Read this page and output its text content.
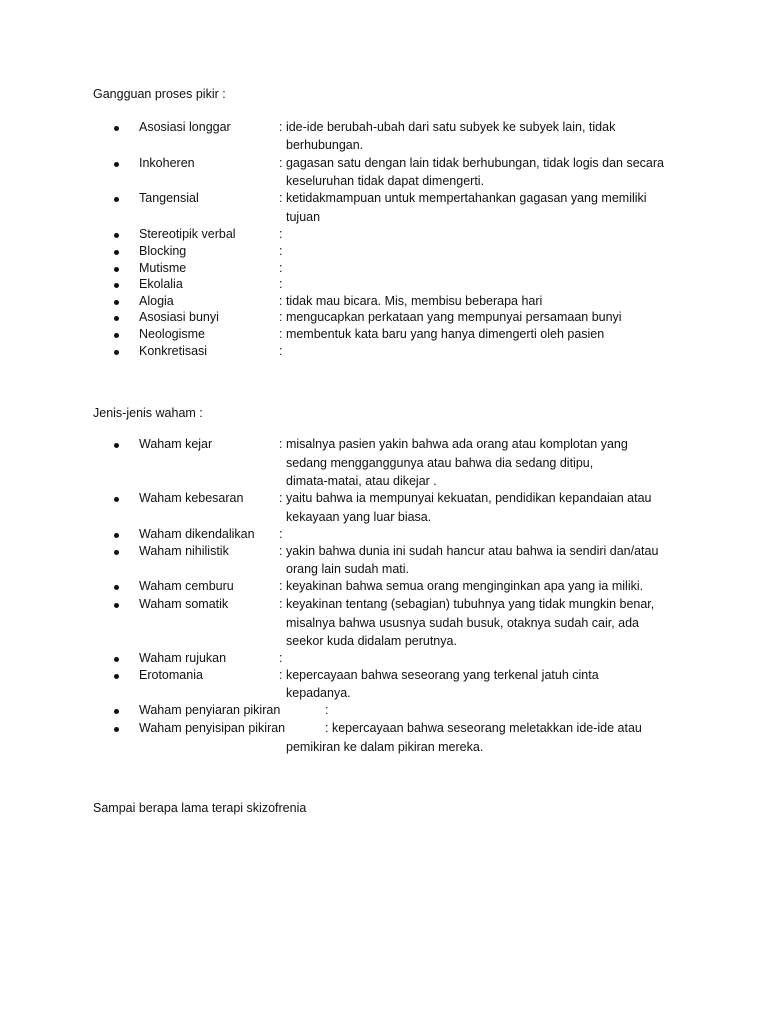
Gangguan proses pikir :
Asosiasi longgar	: ide-ide berubah-ubah dari satu subyek ke subyek lain, tidak
berhubungan.
Inkoheren	: gagasan satu dengan lain tidak berhubungan, tidak logis dan secara
keseluruhan tidak dapat dimengerti.
Tangensial	: ketidakmampuan untuk mempertahankan gagasan yang memiliki
tujuan
Stereotipik verbal	:
Blocking	:
Mutisme	:
Ekolalia	:
Alogia	: tidak mau bicara. Mis, membisu beberapa hari
Asosiasi bunyi	: mengucapkan perkataan yang mempunyai persamaan bunyi
Neologisme	: membentuk kata baru yang hanya dimengerti oleh pasien
Konkretisasi	:
Jenis-jenis waham :
Waham kejar	: misalnya pasien yakin bahwa ada orang atau komplotan yang
sedang mengganggunya atau bahwa dia sedang ditipu,
dimata-matai, atau dikejar .
Waham kebesaran	: yaitu bahwa ia mempunyai kekuatan, pendidikan kepandaian atau
kekayaan yang luar biasa.
Waham dikendalikan :
Waham nihilistik	: yakin bahwa dunia ini sudah hancur atau bahwa ia sendiri dan/atau
orang lain sudah mati.
Waham cemburu	: keyakinan bahwa semua orang menginginkan apa yang ia miliki.
Waham somatik	: keyakinan tentang (sebagian) tubuhnya yang tidak mungkin benar,
misalnya bahwa ususnya sudah busuk, otaknya sudah cair, ada
seekor kuda didalam perutnya.
Waham rujukan	:
Erotomania	: kepercayaan bahwa seseorang yang terkenal jatuh cinta
kepadanya.
Waham penyiaran pikiran	:
Waham penyisipan pikiran	: kepercayaan bahwa seseorang meletakkan ide-ide atau
pemikiran ke dalam pikiran mereka.
Sampai berapa lama terapi skizofrenia
